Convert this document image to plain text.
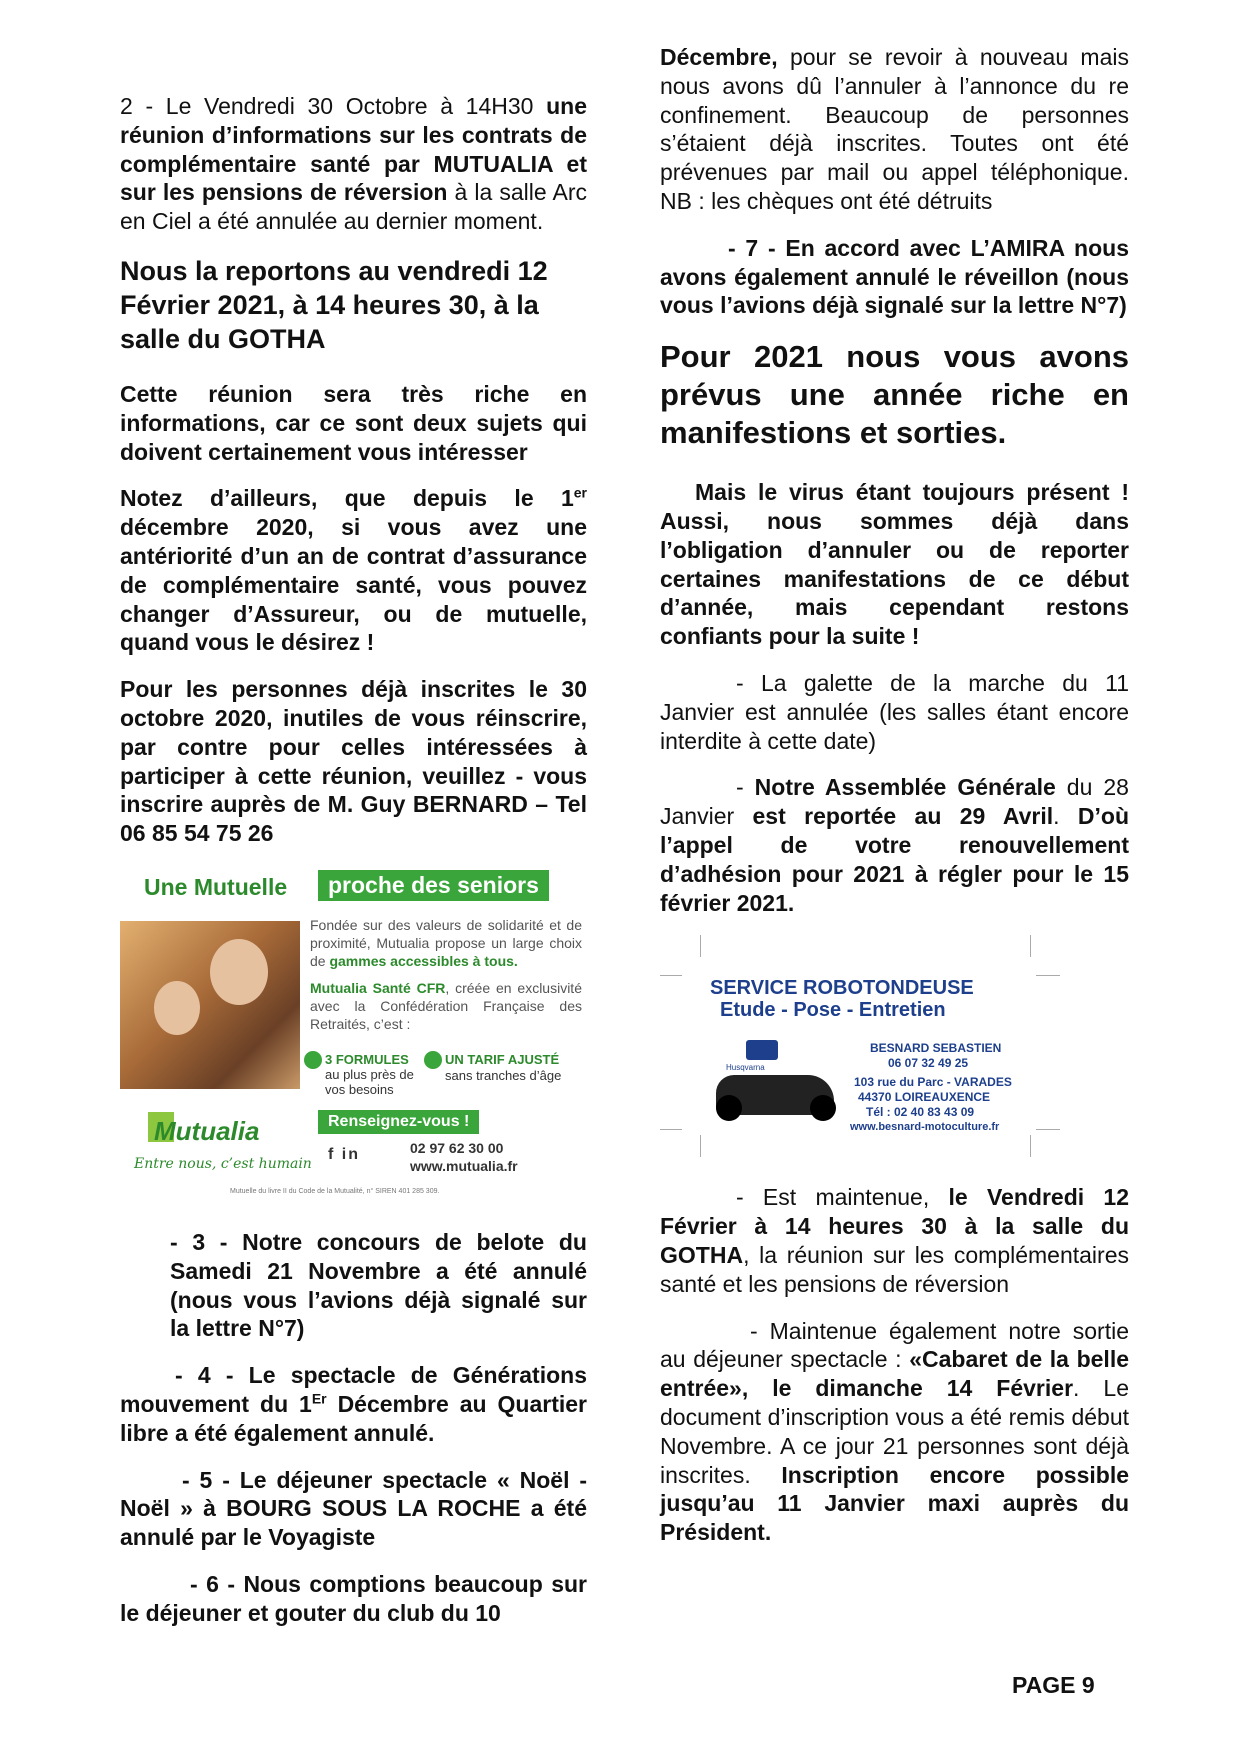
2 - Le Vendredi 30 Octobre à 14H30 une réunion d’informations sur les contrats de complémentaire santé par MUTUALIA et sur les pensions de réversion à la salle Arc en Ciel a été annulée au dernier moment.

Nous la reportons au vendredi 12 Février 2021, à 14 heures 30, à la salle du GOTHA

Cette réunion sera très riche en informations, car ce sont deux sujets qui doivent certainement vous intéresser

Notez d’ailleurs, que depuis le 1er décembre 2020, si vous avez une antériorité d’un an de contrat d’assurance de complémentaire santé, vous pouvez changer d’Assureur, ou de mutuelle, quand vous le désirez !

Pour les personnes déjà inscrites le 30 octobre 2020, inutiles de vous réinscrire, par contre pour celles intéressées à participer à cette réunion, veuillez - vous inscrire auprès de M. Guy BERNARD – Tel 06 85 54 75 26

Une Mutuelle	proche des seniors
Fondée sur des valeurs de solidarité et de proximité, Mutualia propose un large choix de gammes accessibles à tous.
Mutualia Santé CFR, créée en exclusivité avec la Confédération Française des Retraités, c’est :
3 FORMULES
au plus près de vos besoins
UN TARIF AJUSTÉ
sans tranches d’âge
Mutualia
Entre nous, c’est humain
Renseignez-vous !
f in	02 97 62 30 00
www.mutualia.fr
Mutuelle du livre II du Code de la Mutualité, n° SIREN 401 285 309.

- 3 - Notre concours de belote du Samedi 21 Novembre a été annulé (nous vous l’avions déjà signalé sur la lettre N°7)

- 4 - Le spectacle de Générations mouvement du 1Er Décembre au Quartier libre a été également annulé.

- 5 - Le déjeuner spectacle « Noël - Noël » à BOURG SOUS LA ROCHE a été annulé par le Voyagiste

- 6 - Nous comptions beaucoup sur le déjeuner et gouter du club du 10

Décembre, pour se revoir à nouveau mais nous avons dû l’annuler à l’annonce du re confinement. Beaucoup de personnes s’étaient déjà inscrites. Toutes ont été prévenues par mail ou appel téléphonique. NB : les chèques ont été détruits

- 7 - En accord avec L’AMIRA nous avons également annulé le réveillon (nous vous l’avions déjà signalé sur la lettre N°7)

Pour 2021 nous vous avons prévus une année riche en manifestions et sorties.

Mais le virus étant toujours présent ! Aussi, nous sommes déjà dans l’obligation d’annuler ou de reporter certaines manifestations de ce début d’année, mais cependant restons confiants pour la suite !

- La galette de la marche du 11 Janvier est annulée (les salles étant encore interdite à cette date)

- Notre Assemblée Générale du 28 Janvier est reportée au 29 Avril. D’où l’appel de votre renouvellement d’adhésion pour 2021 à régler pour le 15 février 2021.

SERVICE ROBOTONDEUSE
Etude - Pose - Entretien
Husqvarna
BESNARD SEBASTIEN
06 07 32 49 25
103 rue du Parc - VARADES
44370 LOIREAUXENCE
Tél : 02 40 83 43 09
www.besnard-motoculture.fr

- Est maintenue, le Vendredi 12 Février à 14 heures 30 à la salle du GOTHA, la réunion sur les complémentaires santé et les pensions de réversion

- Maintenue également notre sortie au déjeuner spectacle : «Cabaret de la belle entrée», le dimanche 14 Février. Le document d’inscription vous a été remis début Novembre. A ce jour 21 personnes sont déjà inscrites. Inscription encore possible jusqu’au 11 Janvier maxi auprès du Président.

PAGE 9
